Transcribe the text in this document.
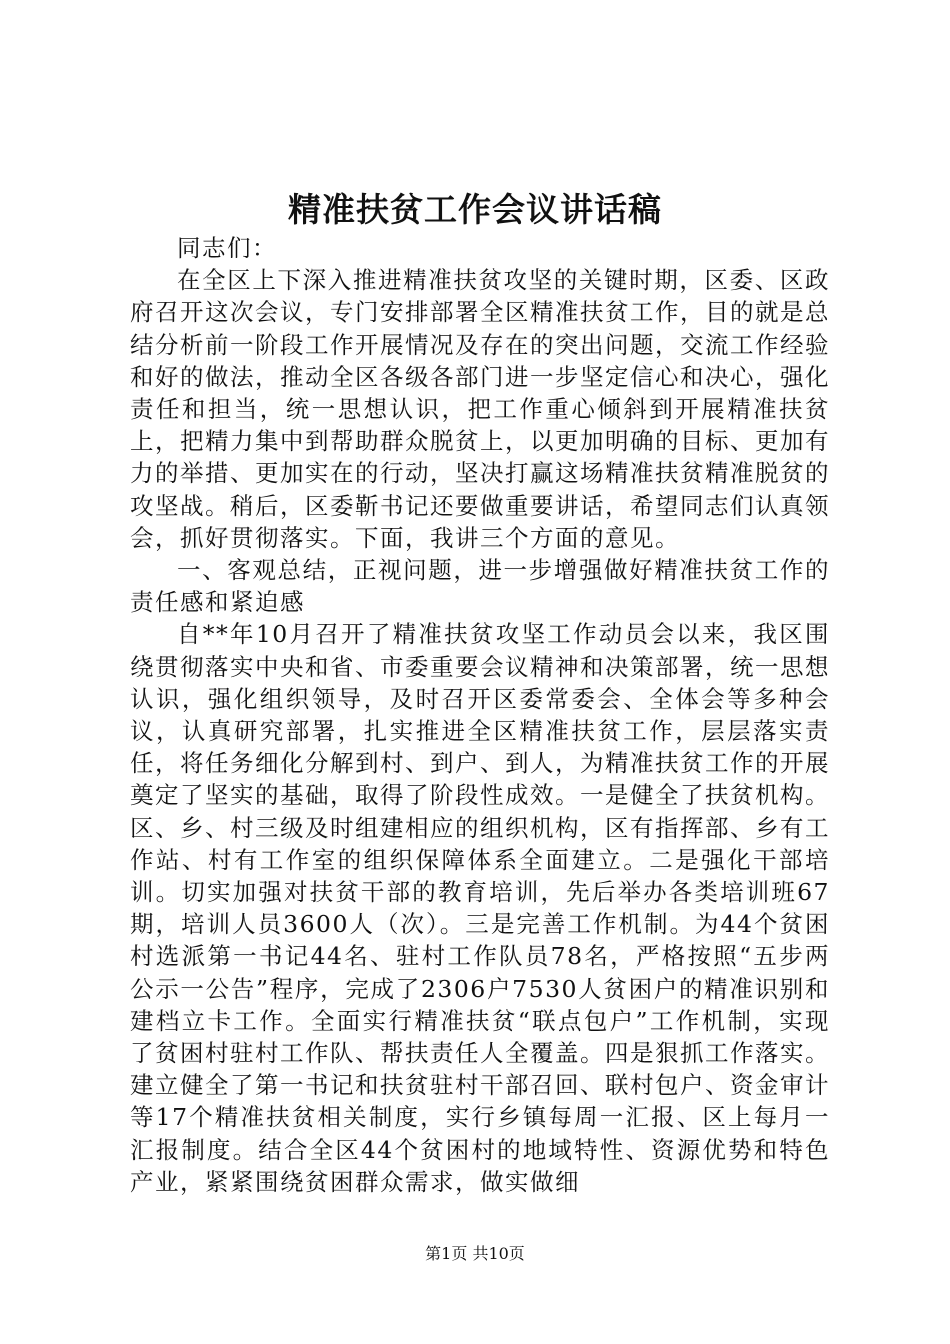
精准扶贫工作会议讲话稿

同志们：

在全区上下深入推进精准扶贫攻坚的关键时期，区委、区政府召开这次会议，专门安排部署全区精准扶贫工作，目的就是总结分析前一阶段工作开展情况及存在的突出问题，交流工作经验和好的做法，推动全区各级各部门进一步坚定信心和决心，强化责任和担当，统一思想认识，把工作重心倾斜到开展精准扶贫上，把精力集中到帮助群众脱贫上，以更加明确的目标、更加有力的举措、更加实在的行动，坚决打赢这场精准扶贫精准脱贫的攻坚战。稍后，区委靳书记还要做重要讲话，希望同志们认真领会，抓好贯彻落实。下面，我讲三个方面的意见。

一、客观总结，正视问题，进一步增强做好精准扶贫工作的责任感和紧迫感

自**年10月召开了精准扶贫攻坚工作动员会以来，我区围绕贯彻落实中央和省、市委重要会议精神和决策部署，统一思想认识，强化组织领导，及时召开区委常委会、全体会等多种会议，认真研究部署，扎实推进全区精准扶贫工作，层层落实责任，将任务细化分解到村、到户、到人，为精准扶贫工作的开展奠定了坚实的基础，取得了阶段性成效。一是健全了扶贫机构。区、乡、村三级及时组建相应的组织机构，区有指挥部、乡有工作站、村有工作室的组织保障体系全面建立。二是强化干部培训。切实加强对扶贫干部的教育培训，先后举办各类培训班67期，培训人员3600人（次）。三是完善工作机制。为44个贫困村选派第一书记44名、驻村工作队员78名，严格按照“五步两公示一公告”程序，完成了2306户7530人贫困户的精准识别和建档立卡工作。全面实行精准扶贫“联点包户”工作机制，实现了贫困村驻村工作队、帮扶责任人全覆盖。四是狠抓工作落实。建立健全了第一书记和扶贫驻村干部召回、联村包户、资金审计等17个精准扶贫相关制度，实行乡镇每周一汇报、区上每月一汇报制度。结合全区44个贫困村的地域特性、资源优势和特色产业，紧紧围绕贫困群众需求，做实做细

第1页 共10页
